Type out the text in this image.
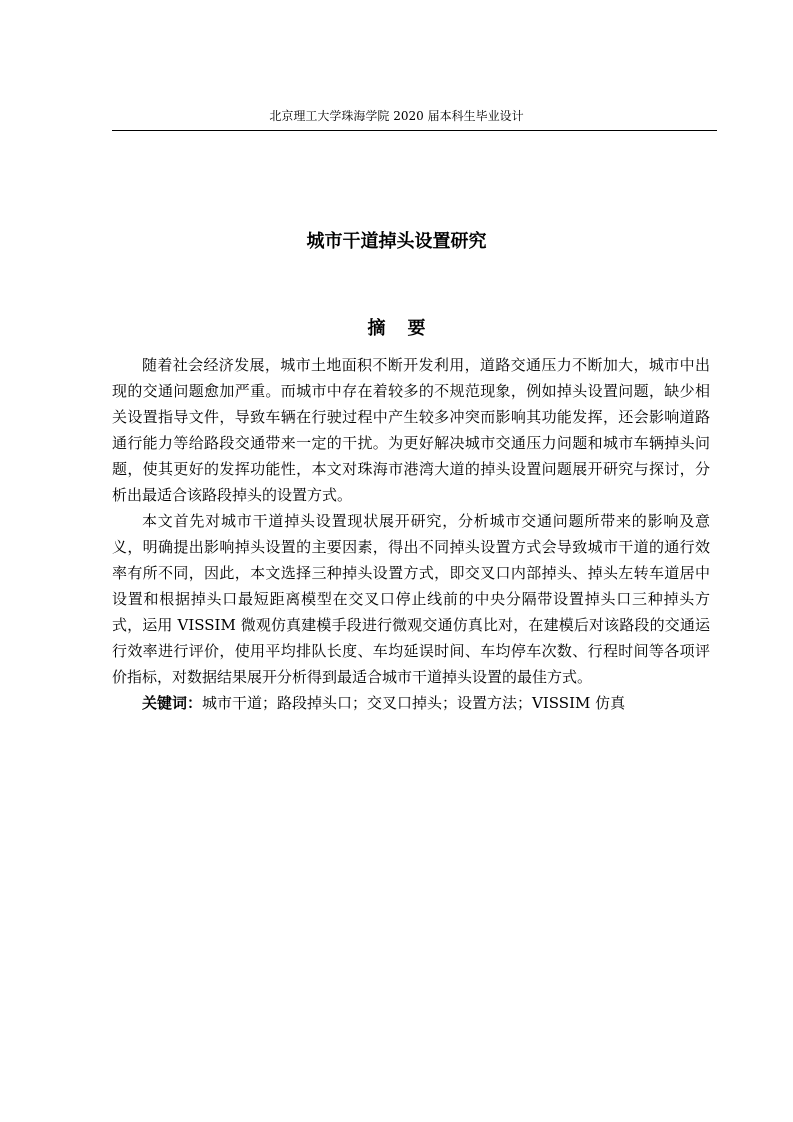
北京理工大学珠海学院 2020 届本科生毕业设计
城市干道掉头设置研究
摘 要

随着社会经济发展，城市土地面积不断开发利用，道路交通压力不断加大，城市中出现的交通问题愈加严重。而城市中存在着较多的不规范现象，例如掉头设置问题，缺少相关设置指导文件，导致车辆在行驶过程中产生较多冲突而影响其功能发挥，还会影响道路通行能力等给路段交通带来一定的干扰。为更好解决城市交通压力问题和城市车辆掉头问题，使其更好的发挥功能性，本文对珠海市港湾大道的掉头设置问题展开研究与探讨，分析出最适合该路段掉头的设置方式。

本文首先对城市干道掉头设置现状展开研究，分析城市交通问题所带来的影响及意义，明确提出影响掉头设置的主要因素，得出不同掉头设置方式会导致城市干道的通行效率有所不同，因此，本文选择三种掉头设置方式，即交叉口内部掉头、掉头左转车道居中设置和根据掉头口最短距离模型在交叉口停止线前的中央分隔带设置掉头口三种掉头方式，运用 VISSIM 微观仿真建模手段进行微观交通仿真比对，在建模后对该路段的交通运行效率进行评价，使用平均排队长度、车均延误时间、车均停车次数、行程时间等各项评价指标，对数据结果展开分析得到最适合城市干道掉头设置的最佳方式。

关键词：城市干道；路段掉头口；交叉口掉头；设置方法；VISSIM 仿真
